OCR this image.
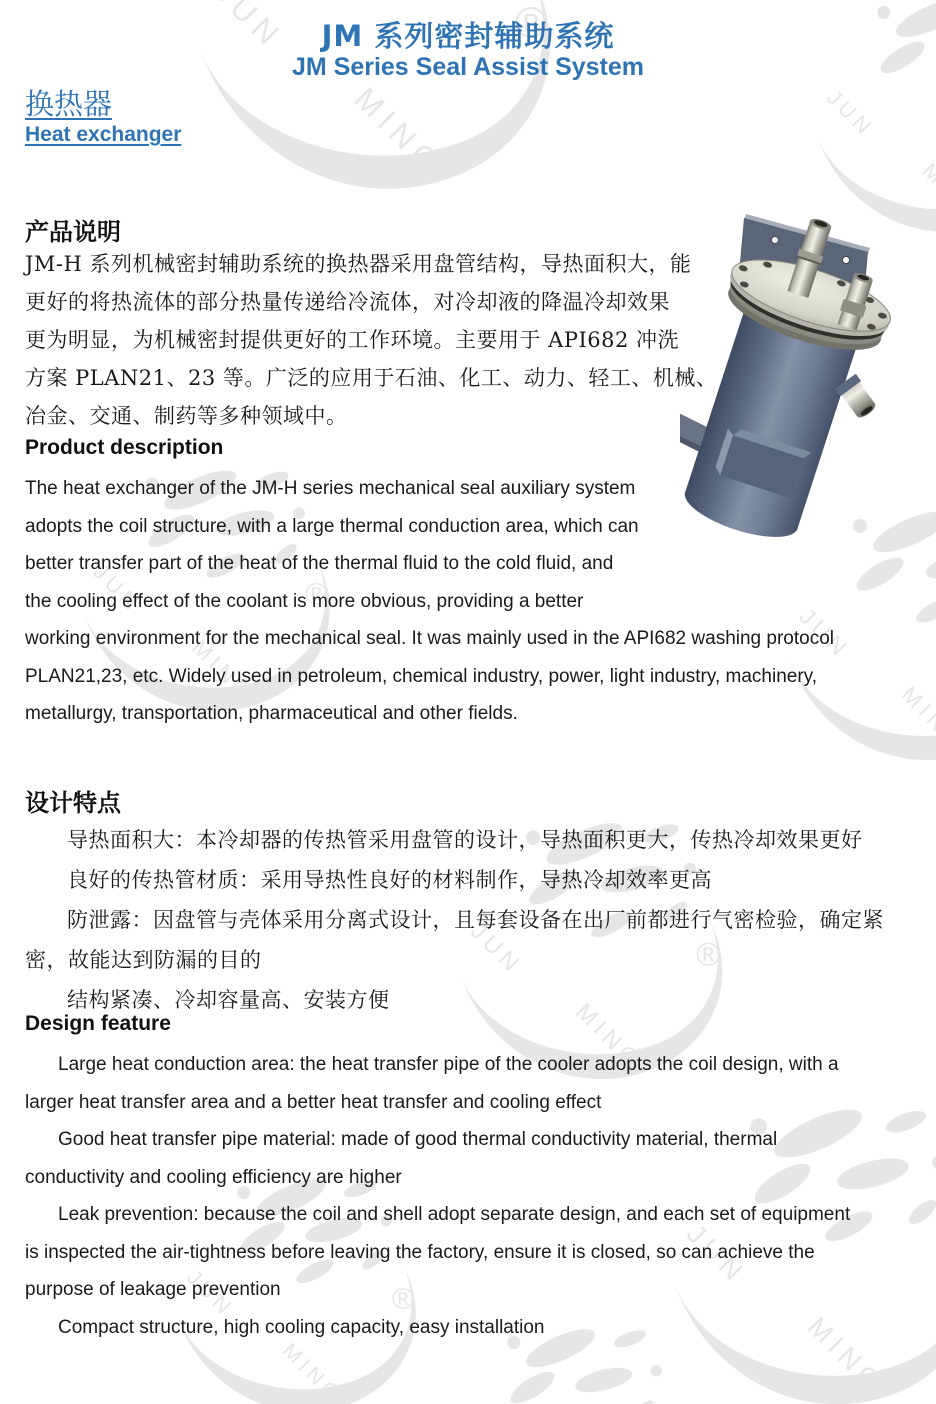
JM 系列密封辅助系统
JM Series Seal Assist System
换热器
Heat exchanger
产品说明
JM-H 系列机械密封辅助系统的换热器采用盘管结构，导热面积大，能
更好的将热流体的部分热量传递给冷流体，对冷却液的降温冷却效果
更为明显，为机械密封提供更好的工作环境。主要用于 API682 冲洗
方案 PLAN21、23 等。广泛的应用于石油、化工、动力、轻工、机械、
冶金、交通、制药等多种领域中。
Product description
The heat exchanger of the JM-H series mechanical seal auxiliary system
adopts the coil structure, with a large thermal conduction area, which can
better transfer part of the heat of the thermal fluid to the cold fluid, and
the cooling effect of the coolant is more obvious, providing a better
working environment for the mechanical seal. It was mainly used in the API682 washing protocol
PLAN21,23, etc. Widely used in petroleum, chemical industry, power, light industry, machinery,
metallurgy, transportation, pharmaceutical and other fields.
设计特点
导热面积大：本冷却器的传热管采用盘管的设计，导热面积更大，传热冷却效果更好
良好的传热管材质：采用导热性良好的材料制作，导热冷却效率更高
防泄露：因盘管与壳体采用分离式设计，且每套设备在出厂前都进行气密检验，确定紧
密，故能达到防漏的目的
结构紧凑、冷却容量高、安装方便
Design feature
Large heat conduction area: the heat transfer pipe of the cooler adopts the coil design, with a
larger heat transfer area and a better heat transfer and cooling effect
Good heat transfer pipe material: made of good thermal conductivity material, thermal
conductivity and cooling efficiency are higher
Leak prevention: because the coil and shell adopt separate design, and each set of equipment
is inspected the air-tightness before leaving the factory, ensure it is closed, so can achieve the
purpose of leakage prevention
Compact structure, high cooling capacity, easy installation
